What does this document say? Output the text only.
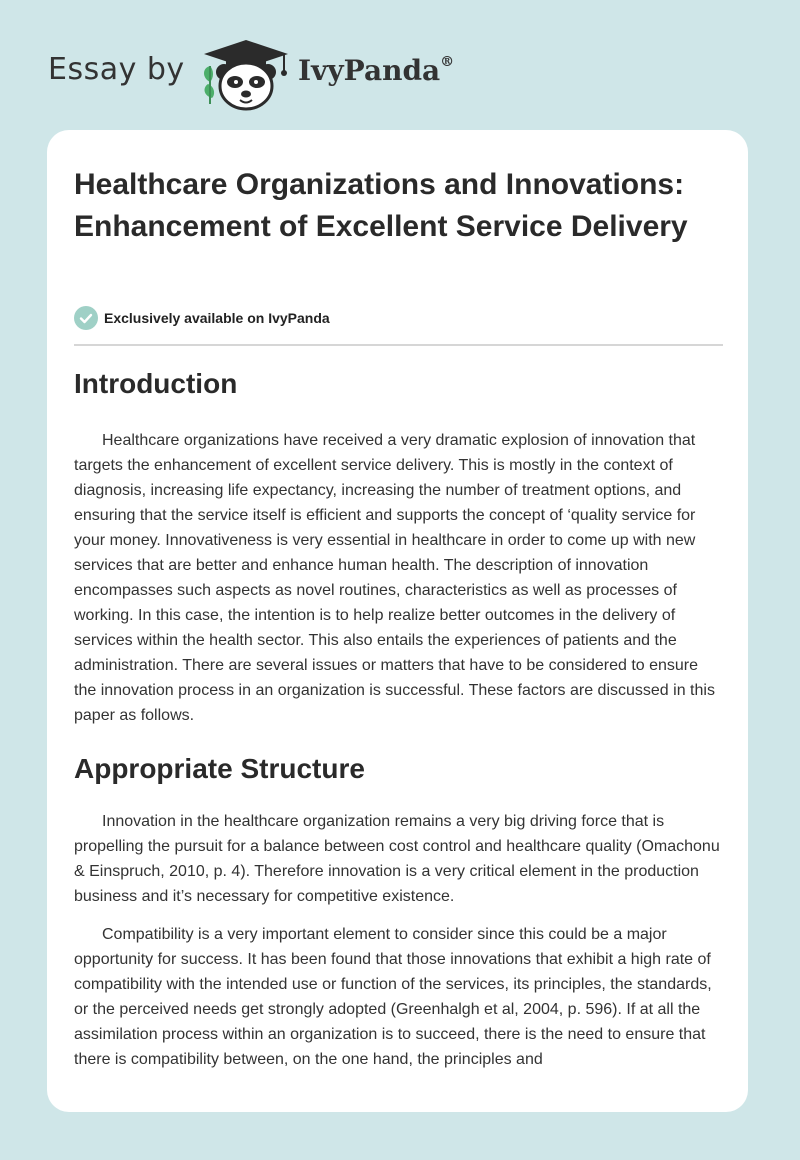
Essay by	IvyPanda®
Healthcare Organizations and Innovations: Enhancement of Excellent Service Delivery
Exclusively available on IvyPanda
Introduction

Healthcare organizations have received a very dramatic explosion of innovation that targets the enhancement of excellent service delivery. This is mostly in the context of diagnosis, increasing life expectancy, increasing the number of treatment options, and ensuring that the service itself is efficient and supports the concept of ‘quality service for your money. Innovativeness is very essential in healthcare in order to come up with new services that are better and enhance human health. The description of innovation encompasses such aspects as novel routines, characteristics as well as processes of working. In this case, the intention is to help realize better outcomes in the delivery of services within the health sector. This also entails the experiences of patients and the administration. There are several issues or matters that have to be considered to ensure the innovation process in an organization is successful. These factors are discussed in this paper as follows.

Appropriate Structure

Innovation in the healthcare organization remains a very big driving force that is propelling the pursuit for a balance between cost control and healthcare quality (Omachonu & Einspruch, 2010, p. 4). Therefore innovation is a very critical element in the production business and it’s necessary for competitive existence.

Compatibility is a very important element to consider since this could be a major opportunity for success. It has been found that those innovations that exhibit a high rate of compatibility with the intended use or function of the services, its principles, the standards, or the perceived needs get strongly adopted (Greenhalgh et al, 2004, p. 596). If at all the assimilation process within an organization is to succeed, there is the need to ensure that there is compatibility between, on the one hand, the principles and
